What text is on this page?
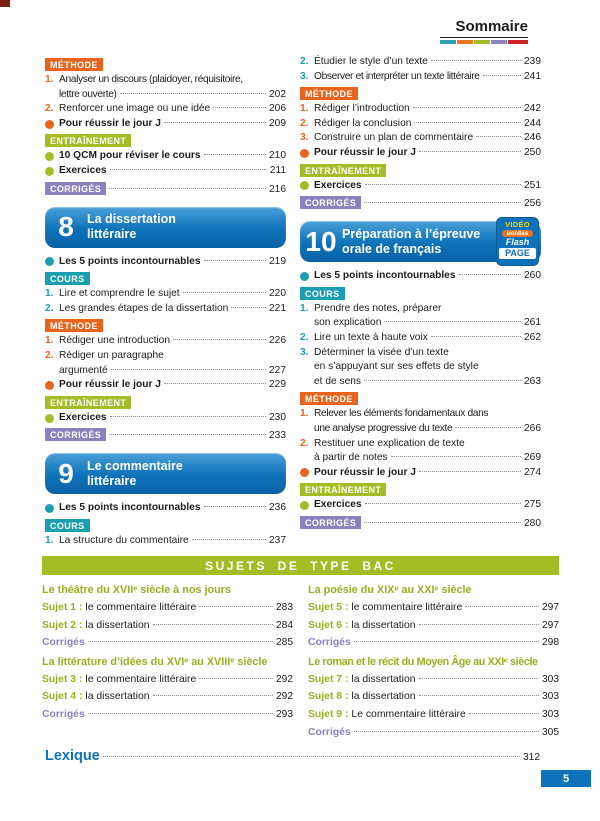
Sommaire
MÉTHODE
1. Analyser un discours (plaidoyer, réquisitoire,
lettre ouverte)	202
2. Renforcer une image ou une idée	206
Pour réussir le jour J	209
ENTRAÎNEMENT
10 QCM pour réviser le cours	210
Exercices	211
CORRIGÉS	216
8	La dissertation
littéraire
Les 5 points incontournables	219
COURS
1. Lire et comprendre le sujet	220
2. Les grandes étapes de la dissertation	221
MÉTHODE
1. Rédiger une introduction	226
2. Rédiger un paragraphe
argumenté	227
Pour réussir le jour J	229
ENTRAÎNEMENT
Exercices	230
CORRIGÉS	233
9	Le commentaire
littéraire
Les 5 points incontournables	236
COURS
1. La structure du commentaire	237
2. Étudier le style d’un texte	239
3. Observer et interpréter un texte littéraire	241
MÉTHODE
1. Rédiger l’introduction	242
2. Rédiger la conclusion	244
3. Construire un plan de commentaire	246
Pour réussir le jour J	250
ENTRAÎNEMENT
Exercices	251
CORRIGÉS	256
10 Préparation à l’épreuve
orale de français
VIDÉO
bordas
Flash
PAGE
Les 5 points incontournables	260
COURS
1. Prendre des notes, préparer
son explication	261
2. Lire un texte à haute voix	262
3. Déterminer la visée d’un texte
en s’appuyant sur ses effets de style
et de sens	263
MÉTHODE
1. Relever les éléments fondamentaux dans
une analyse progressive du texte	266
2. Restituer une explication de texte
à partir de notes	269
Pour réussir le jour J	274
ENTRAÎNEMENT
Exercices	275
CORRIGÉS	280
SUJETS DE TYPE BAC
Le théâtre du XVIIᵉ siècle à nos jours
Sujet 1 : le commentaire littéraire	283
Sujet 2 : la dissertation	284
Corrigés	285
La littérature d’idées du XVIᵉ au XVIIIᵉ siècle
Sujet 3 : le commentaire littéraire	292
Sujet 4 : la dissertation	292
Corrigés	293
La poésie du XIXᵉ au XXIᵉ siècle
Sujet 5 : le commentaire littéraire	297
Sujet 6 : la dissertation	297
Corrigés	298
Le roman et le récit du Moyen Âge au XXIᵉ siècle
Sujet 7 : la dissertation	303
Sujet 8 : la dissertation	303
Sujet 9 : Le commentaire littéraire	303
Corrigés	305
Lexique	312
5
